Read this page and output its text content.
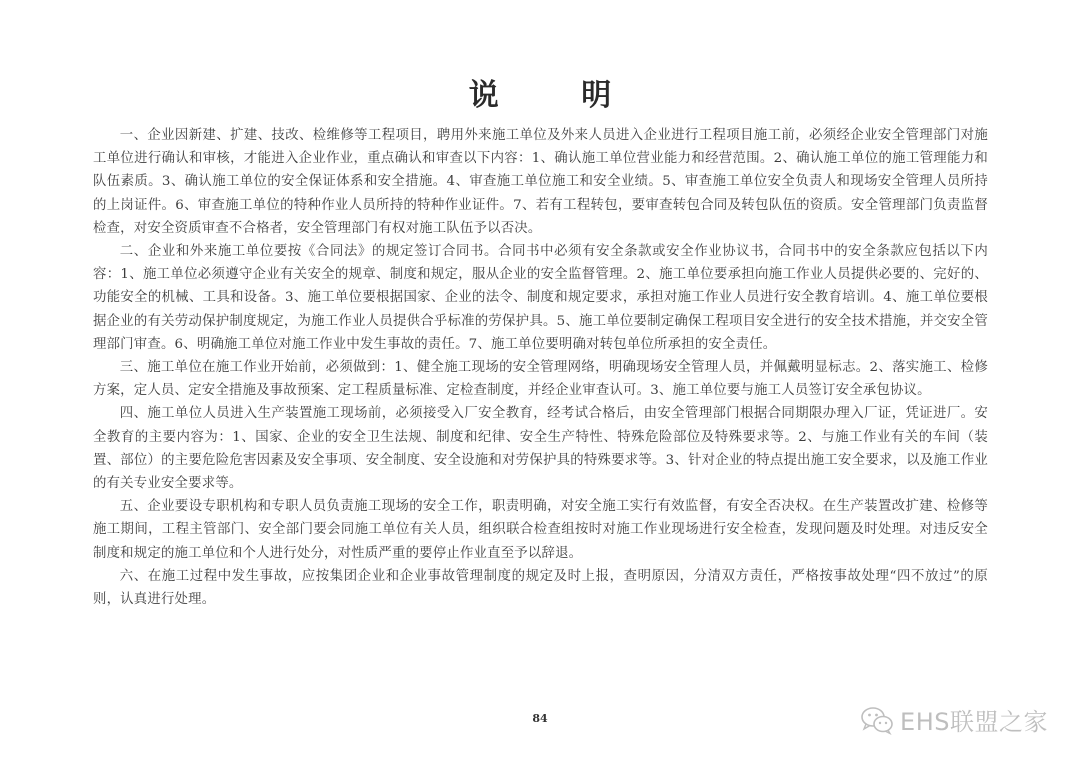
说 明

一、企业因新建、扩建、技改、检维修等工程项目，聘用外来施工单位及外来人员进入企业进行工程项目施工前，必须经企业安全管理部门对施工单位进行确认和审核，才能进入企业作业，重点确认和审查以下内容：1、确认施工单位营业能力和经营范围。2、确认施工单位的施工管理能力和队伍素质。3、确认施工单位的安全保证体系和安全措施。4、审查施工单位施工和安全业绩。5、审查施工单位安全负责人和现场安全管理人员所持的上岗证件。6、审查施工单位的特种作业人员所持的特种作业证件。7、若有工程转包，要审查转包合同及转包队伍的资质。安全管理部门负责监督检查，对安全资质审查不合格者，安全管理部门有权对施工队伍予以否决。

二、企业和外来施工单位要按《合同法》的规定签订合同书。合同书中必须有安全条款或安全作业协议书，合同书中的安全条款应包括以下内容：1、施工单位必须遵守企业有关安全的规章、制度和规定，服从企业的安全监督管理。2、施工单位要承担向施工作业人员提供必要的、完好的、功能安全的机械、工具和设备。3、施工单位要根据国家、企业的法令、制度和规定要求，承担对施工作业人员进行安全教育培训。4、施工单位要根据企业的有关劳动保护制度规定，为施工作业人员提供合乎标准的劳保护具。5、施工单位要制定确保工程项目安全进行的安全技术措施，并交安全管理部门审查。6、明确施工单位对施工作业中发生事故的责任。7、施工单位要明确对转包单位所承担的安全责任。

三、施工单位在施工作业开始前，必须做到：1、健全施工现场的安全管理网络，明确现场安全管理人员，并佩戴明显标志。2、落实施工、检修方案，定人员、定安全措施及事故预案、定工程质量标准、定检查制度，并经企业审查认可。3、施工单位要与施工人员签订安全承包协议。

四、施工单位人员进入生产装置施工现场前，必须接受入厂安全教育，经考试合格后，由安全管理部门根据合同期限办理入厂证，凭证进厂。安全教育的主要内容为：1、国家、企业的安全卫生法规、制度和纪律、安全生产特性、特殊危险部位及特殊要求等。2、与施工作业有关的车间（装置、部位）的主要危险危害因素及安全事项、安全制度、安全设施和对劳保护具的特殊要求等。3、针对企业的特点提出施工安全要求，以及施工作业的有关专业安全要求等。

五、企业要设专职机构和专职人员负责施工现场的安全工作，职责明确，对安全施工实行有效监督，有安全否决权。在生产装置改扩建、检修等施工期间，工程主管部门、安全部门要会同施工单位有关人员，组织联合检查组按时对施工作业现场进行安全检查，发现问题及时处理。对违反安全制度和规定的施工单位和个人进行处分，对性质严重的要停止作业直至予以辞退。

六、在施工过程中发生事故，应按集团企业和企业事故管理制度的规定及时上报，查明原因，分清双方责任，严格按事故处理“四不放过”的原则，认真进行处理。

84	EHS联盟之家
